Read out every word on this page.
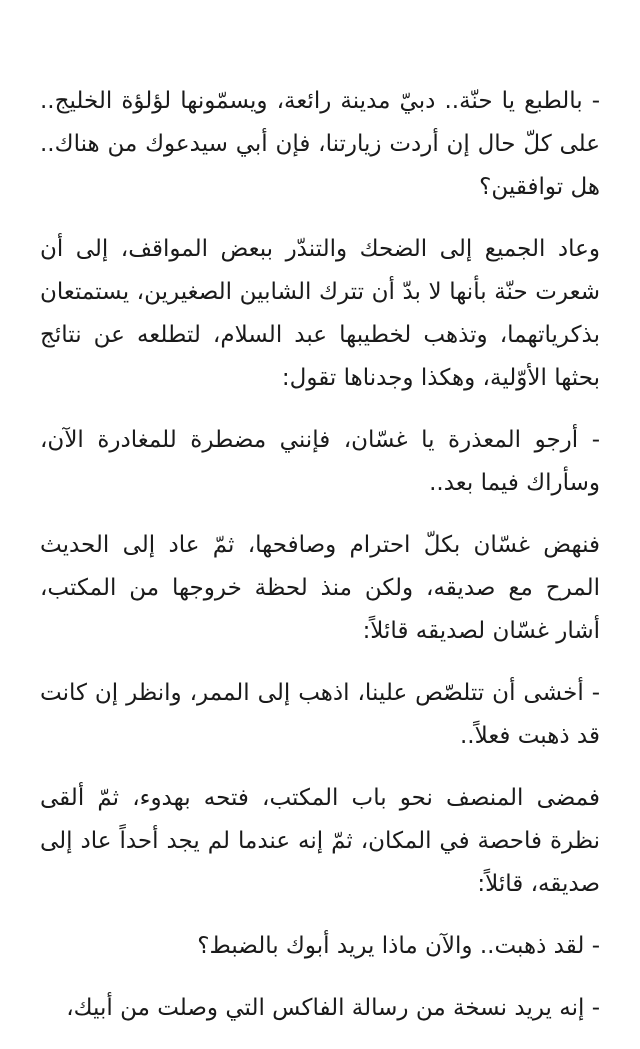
- بالطبع يا حنّة.. دبيّ مدينة رائعة، ويسمّونها لؤلؤة الخليج.. على كلّ حال إن أردت زيارتنا، فإن أبي سيدعوك من هناك.. هل توافقين؟

وعاد الجميع إلى الضحك والتندّر ببعض المواقف، إلى أن شعرت حنّة بأنها لا بدّ أن تترك الشابين الصغيرين، يستمتعان بذكرياتهما، وتذهب لخطيبها عبد السلام، لتطلعه عن نتائج بحثها الأوّلية، وهكذا وجدناها تقول:

- أرجو المعذرة يا غسّان، فإنني مضطرة للمغادرة الآن، وسأراك فيما بعد..

فنهض غسّان بكلّ احترام وصافحها، ثمّ عاد إلى الحديث المرح مع صديقه، ولكن منذ لحظة خروجها من المكتب، أشار غسّان لصديقه قائلاً:

- أخشى أن تتلصّص علينا، اذهب إلى الممر، وانظر إن كانت قد ذهبت فعلاً..

فمضى المنصف نحو باب المكتب، فتحه بهدوء، ثمّ ألقى نظرة فاحصة في المكان، ثمّ إنه عندما لم يجد أحداً عاد إلى صديقه، قائلاً:

- لقد ذهبت.. والآن ماذا يريد أبوك بالضبط؟

- إنه يريد نسخة من رسالة الفاكس التي وصلت من أبيك،
